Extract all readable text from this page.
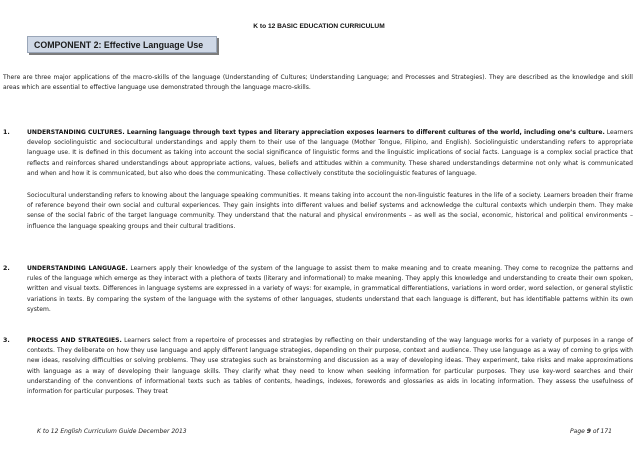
K to 12 BASIC EDUCATION CURRICULUM
COMPONENT 2: Effective Language Use

There are three major applications of the macro-skills of the language (Understanding of Cultures; Understanding Language; and Processes and Strategies). They are described as the knowledge and skill areas which are essential to effective language use demonstrated through the language macro-skills.

1.	UNDERSTANDING CULTURES. Learning language through text types and literary appreciation exposes learners to different cultures of the world, including one’s culture. Learners develop sociolinguistic and sociocultural understandings and apply them to their use of the language (Mother Tongue, Filipino, and English). Sociolinguistic understanding refers to appropriate language use. It is defined in this document as taking into account the social significance of linguistic forms and the linguistic implications of social facts. Language is a complex social practice that reflects and reinforces shared understandings about appropriate actions, values, beliefs and attitudes within a community. These shared understandings determine not only what is communicated and when and how it is communicated, but also who does the communicating. These collectively constitute the sociolinguistic features of language.

Sociocultural understanding refers to knowing about the language speaking communities. It means taking into account the non-linguistic features in the life of a society. Learners broaden their frame of reference beyond their own social and cultural experiences. They gain insights into different values and belief systems and acknowledge the cultural contexts which underpin them. They make sense of the social fabric of the target language community. They understand that the natural and physical environments – as well as the social, economic, historical and political environments – influence the language speaking groups and their cultural traditions.

2.	UNDERSTANDING LANGUAGE. Learners apply their knowledge of the system of the language to assist them to make meaning and to create meaning. They come to recognize the patterns and rules of the language which emerge as they interact with a plethora of texts (literary and informational) to make meaning. They apply this knowledge and understanding to create their own spoken, written and visual texts. Differences in language systems are expressed in a variety of ways: for example, in grammatical differentiations, variations in word order, word selection, or general stylistic variations in texts. By comparing the system of the language with the systems of other languages, students understand that each language is different, but has identifiable patterns within its own system.
3.	PROCESS AND STRATEGIES. Learners select from a repertoire of processes and strategies by reflecting on their understanding of the way language works for a variety of purposes in a range of contexts. They deliberate on how they use language and apply different language strategies, depending on their purpose, context and audience. They use language as a way of coming to grips with new ideas, resolving difficulties or solving problems. They use strategies such as brainstorming and discussion as a way of developing ideas. They experiment, take risks and make approximations with language as a way of developing their language skills. They clarify what they need to know when seeking information for particular purposes. They use key-word searches and their understanding of the conventions of informational texts such as tables of contents, headings, indexes, forewords and glossaries as aids in locating information. They assess the usefulness of information for particular purposes. They treat
K to 12 English Curriculum Guide December 2013	Page 9 of 171
